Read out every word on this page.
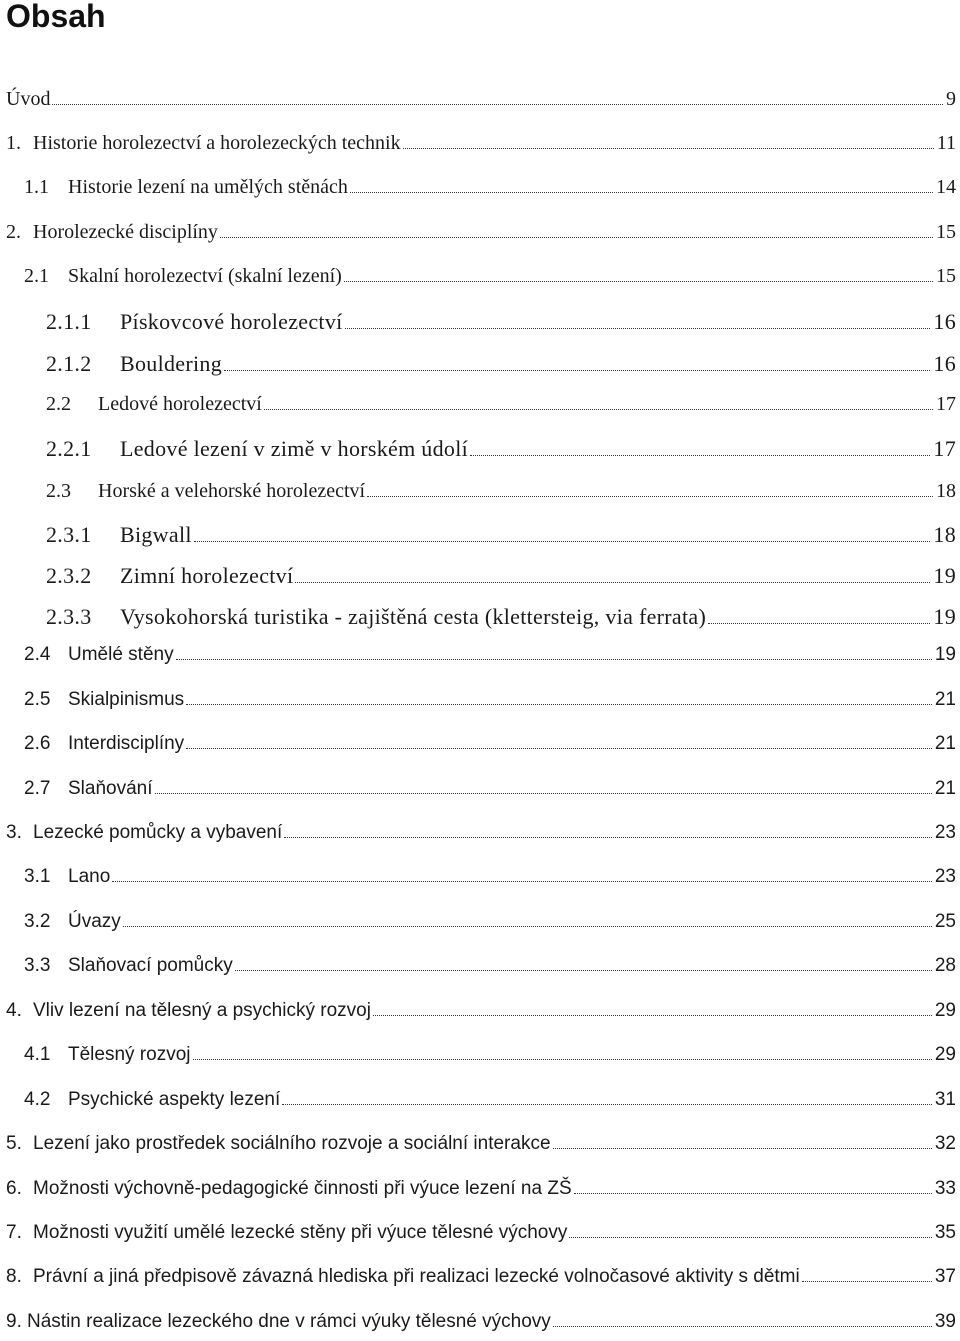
Obsah
Úvod	9
1. Historie horolezectví a horolezeckých technik	11
1.1 Historie lezení na umělých stěnách	14
2. Horolezecké disciplíny	15
2.1 Skalní horolezectví (skalní lezení)	15
2.1.1	Pískovcové horolezectví	16
2.1.2	Bouldering	16
2.2	Ledové horolezectví	17
2.2.1	Ledové lezení v zimě v horském údolí	17
2.3	Horské a velehorské horolezectví	18
2.3.1	Bigwall	18
2.3.2	Zimní horolezectví	19
2.3.3	Vysokohorská turistika - zajištěná cesta (klettersteig, via ferrata)	19
2.4 Umělé stěny	19
2.5 Skialpinismus	21
2.6 Interdisciplíny	21
2.7 Slaňování	21
3. Lezecké pomůcky a vybavení	23
3.1 Lano	23
3.2 Úvazy	25
3.3 Slaňovací pomůcky	28
4. Vliv lezení na tělesný a psychický rozvoj	29
4.1 Tělesný rozvoj	29
4.2 Psychické aspekty lezení	31
5. Lezení jako prostředek sociálního rozvoje a sociální interakce	32
6. Možnosti výchovně-pedagogické činnosti při výuce lezení na ZŠ	33
7. Možnosti využití umělé lezecké stěny při výuce tělesné výchovy	35
8. Právní a jiná předpisově závazná hlediska při realizaci lezecké volnočasové aktivity s dětmi	37
9. Nástin realizace lezeckého dne v rámci výuky tělesné výchovy	39
